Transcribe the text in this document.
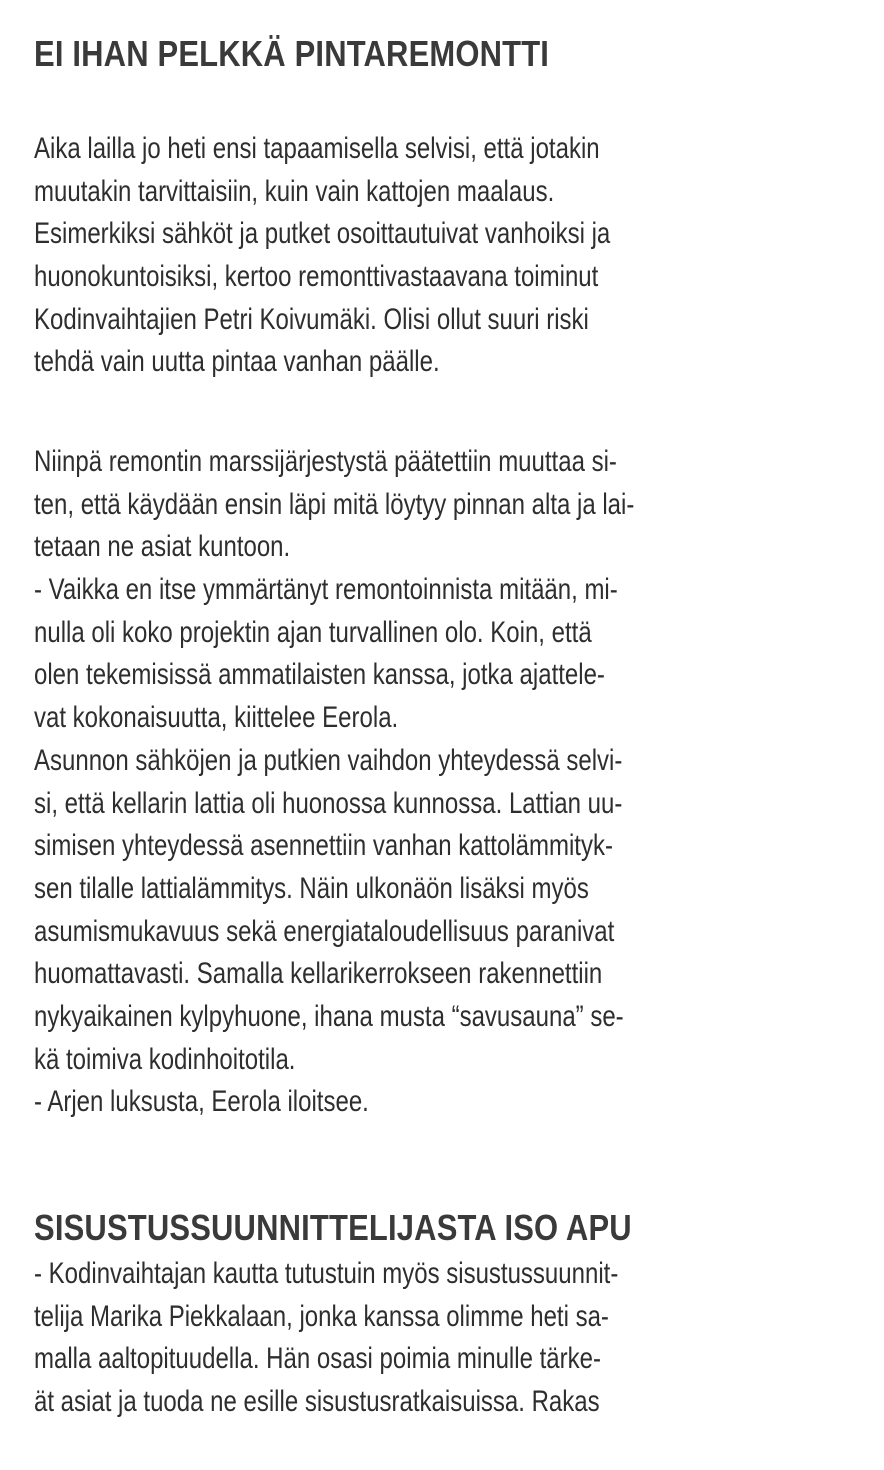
EI IHAN PELKKÄ PINTAREMONTTI
Aika lailla jo heti ensi tapaamisella selvisi, että jotakin
muutakin tarvittaisiin, kuin vain kattojen maalaus.
Esimerkiksi sähköt ja putket osoittautuivat vanhoiksi ja
huonokuntoisiksi, kertoo remonttivastaavana toiminut
Kodinvaihtajien Petri Koivumäki. Olisi ollut suuri riski
tehdä vain uutta pintaa vanhan päälle.
Niinpä remontin marssijärjestystä päätettiin muuttaa si-
ten, että käydään ensin läpi mitä löytyy pinnan alta ja lai-
tetaan ne asiat kuntoon.
- Vaikka en itse ymmärtänyt remontoinnista mitään, mi-
nulla oli koko projektin ajan turvallinen olo. Koin, että
olen tekemisissä ammatilaisten kanssa, jotka ajattele-
vat kokonaisuutta, kiittelee Eerola.
Asunnon sähköjen ja putkien vaihdon yhteydessä selvi-
si, että kellarin lattia oli huonossa kunnossa. Lattian uu-
simisen yhteydessä asennettiin vanhan kattolämmityk-
sen tilalle lattialämmitys. Näin ulkonäön lisäksi myös
asumismukavuus sekä energiataloudellisuus paranivat
huomattavasti. Samalla kellarikerrokseen rakennettiin
nykyaikainen kylpyhuone, ihana musta “savusauna” se-
kä toimiva kodinhoitotila.
- Arjen luksusta, Eerola iloitsee.
SISUSTUSSUUNNITTELIJASTA ISO APU
- Kodinvaihtajan kautta tutustuin myös sisustussuunnit-
telija Marika Piekkalaan, jonka kanssa olimme heti sa-
malla aaltopituudella. Hän osasi poimia minulle tärke-
ät asiat ja tuoda ne esille sisustusratkaisuissa. Rakas
